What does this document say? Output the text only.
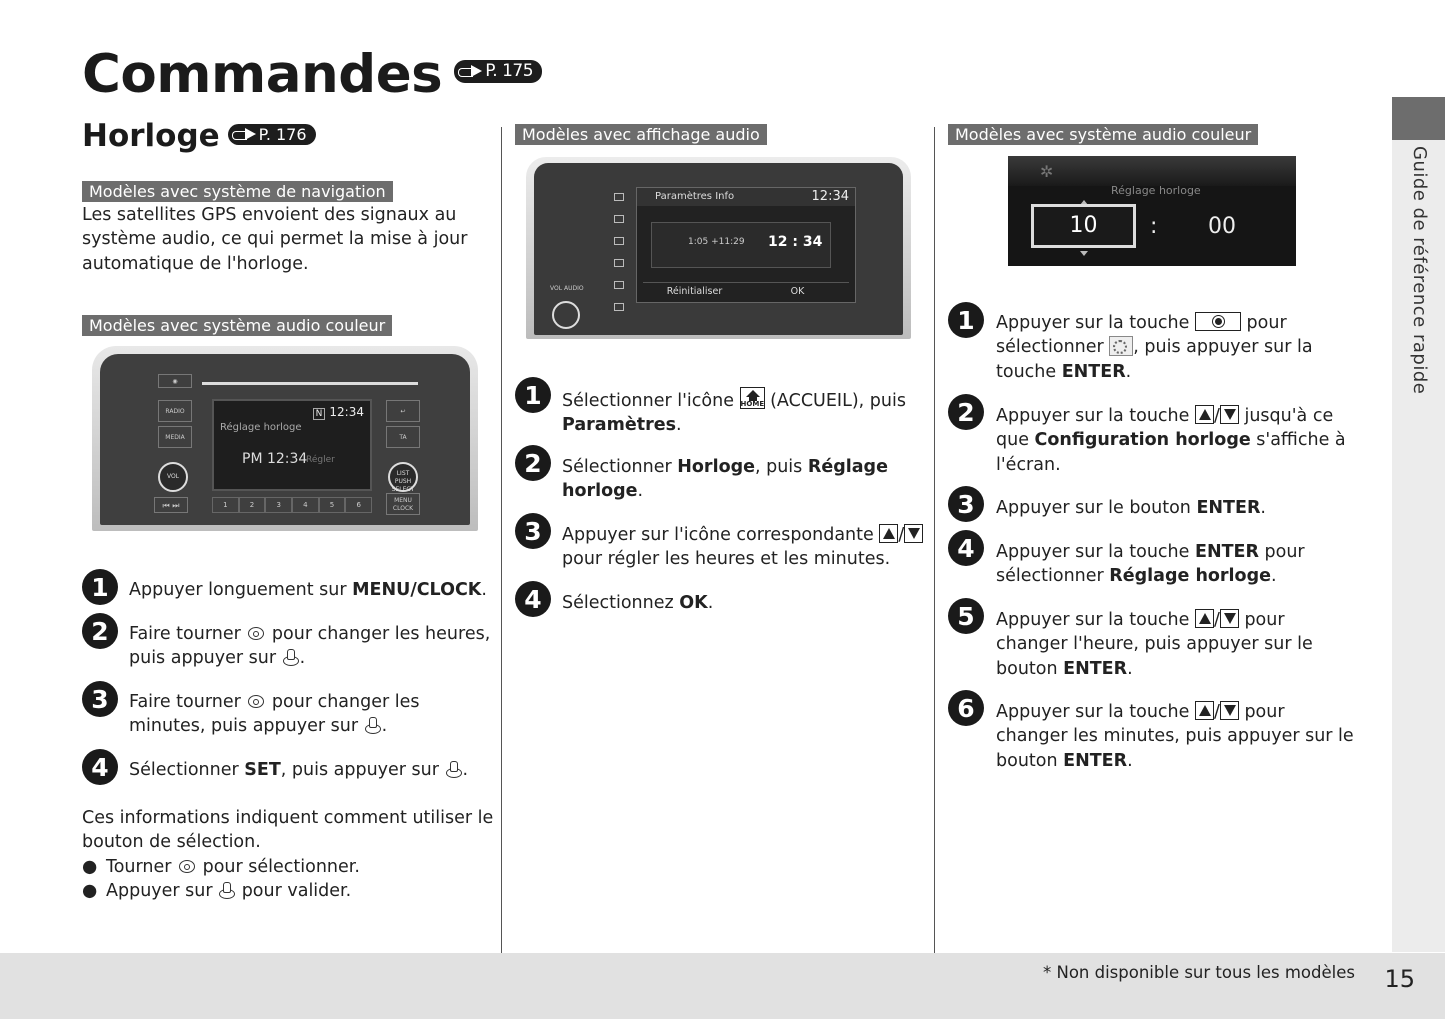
Commandes	P. 175
Horloge P. 176
Modèles avec système de navigation
Les satellites GPS envoient des signaux au
système audio, ce qui permet la mise à jour
automatique de l'horloge.
Modèles avec système audio couleur
◉
RADIO
MEDIA
↩
TA
VOL	LIST PUSH SELECT
N 12:34
Réglage horloge
PM 12:34
Régler
1	2	3	4	5	6
⏮ ⏭
MENU CLOCK
1	Appuyer longuement sur MENU/CLOCK.
2	Faire tourner  pour changer les heures,
puis appuyer sur .
3	Faire tourner  pour changer les
minutes, puis appuyer sur .
4	Sélectionner SET, puis appuyer sur .
Ces informations indiquent comment utiliser le
bouton de sélection.
● Tourner  pour sélectionner.
● Appuyer sur  pour valider.
Modèles avec affichage audio
VOL AUDIO
Paramètres Info	12:34
1:05 +11:29 12 : 34
Réinitialiser	OK
1	Sélectionner l'icône HOME (ACCUEIL), puis
Paramètres.
2	Sélectionner Horloge, puis Réglage
horloge.
3	Appuyer sur l'icône correspondante /
pour régler les heures et les minutes.
4	Sélectionnez OK.
Modèles avec système audio couleur
✲
Réglage horloge
10	: 00
1	Appuyer sur la touche	pour
sélectionner , puis appuyer sur la
touche ENTER.
2	Appuyer sur la touche / jusqu'à ce
que Configuration horloge s'affiche à
l'écran.
3	Appuyer sur le bouton ENTER.
4	Appuyer sur la touche ENTER pour
sélectionner Réglage horloge.
5	Appuyer sur la touche / pour
changer l'heure, puis appuyer sur le
bouton ENTER.
6	Appuyer sur la touche / pour
changer les minutes, puis appuyer sur le
bouton ENTER.
Guide de référence rapide
* Non disponible sur tous les modèles 15
